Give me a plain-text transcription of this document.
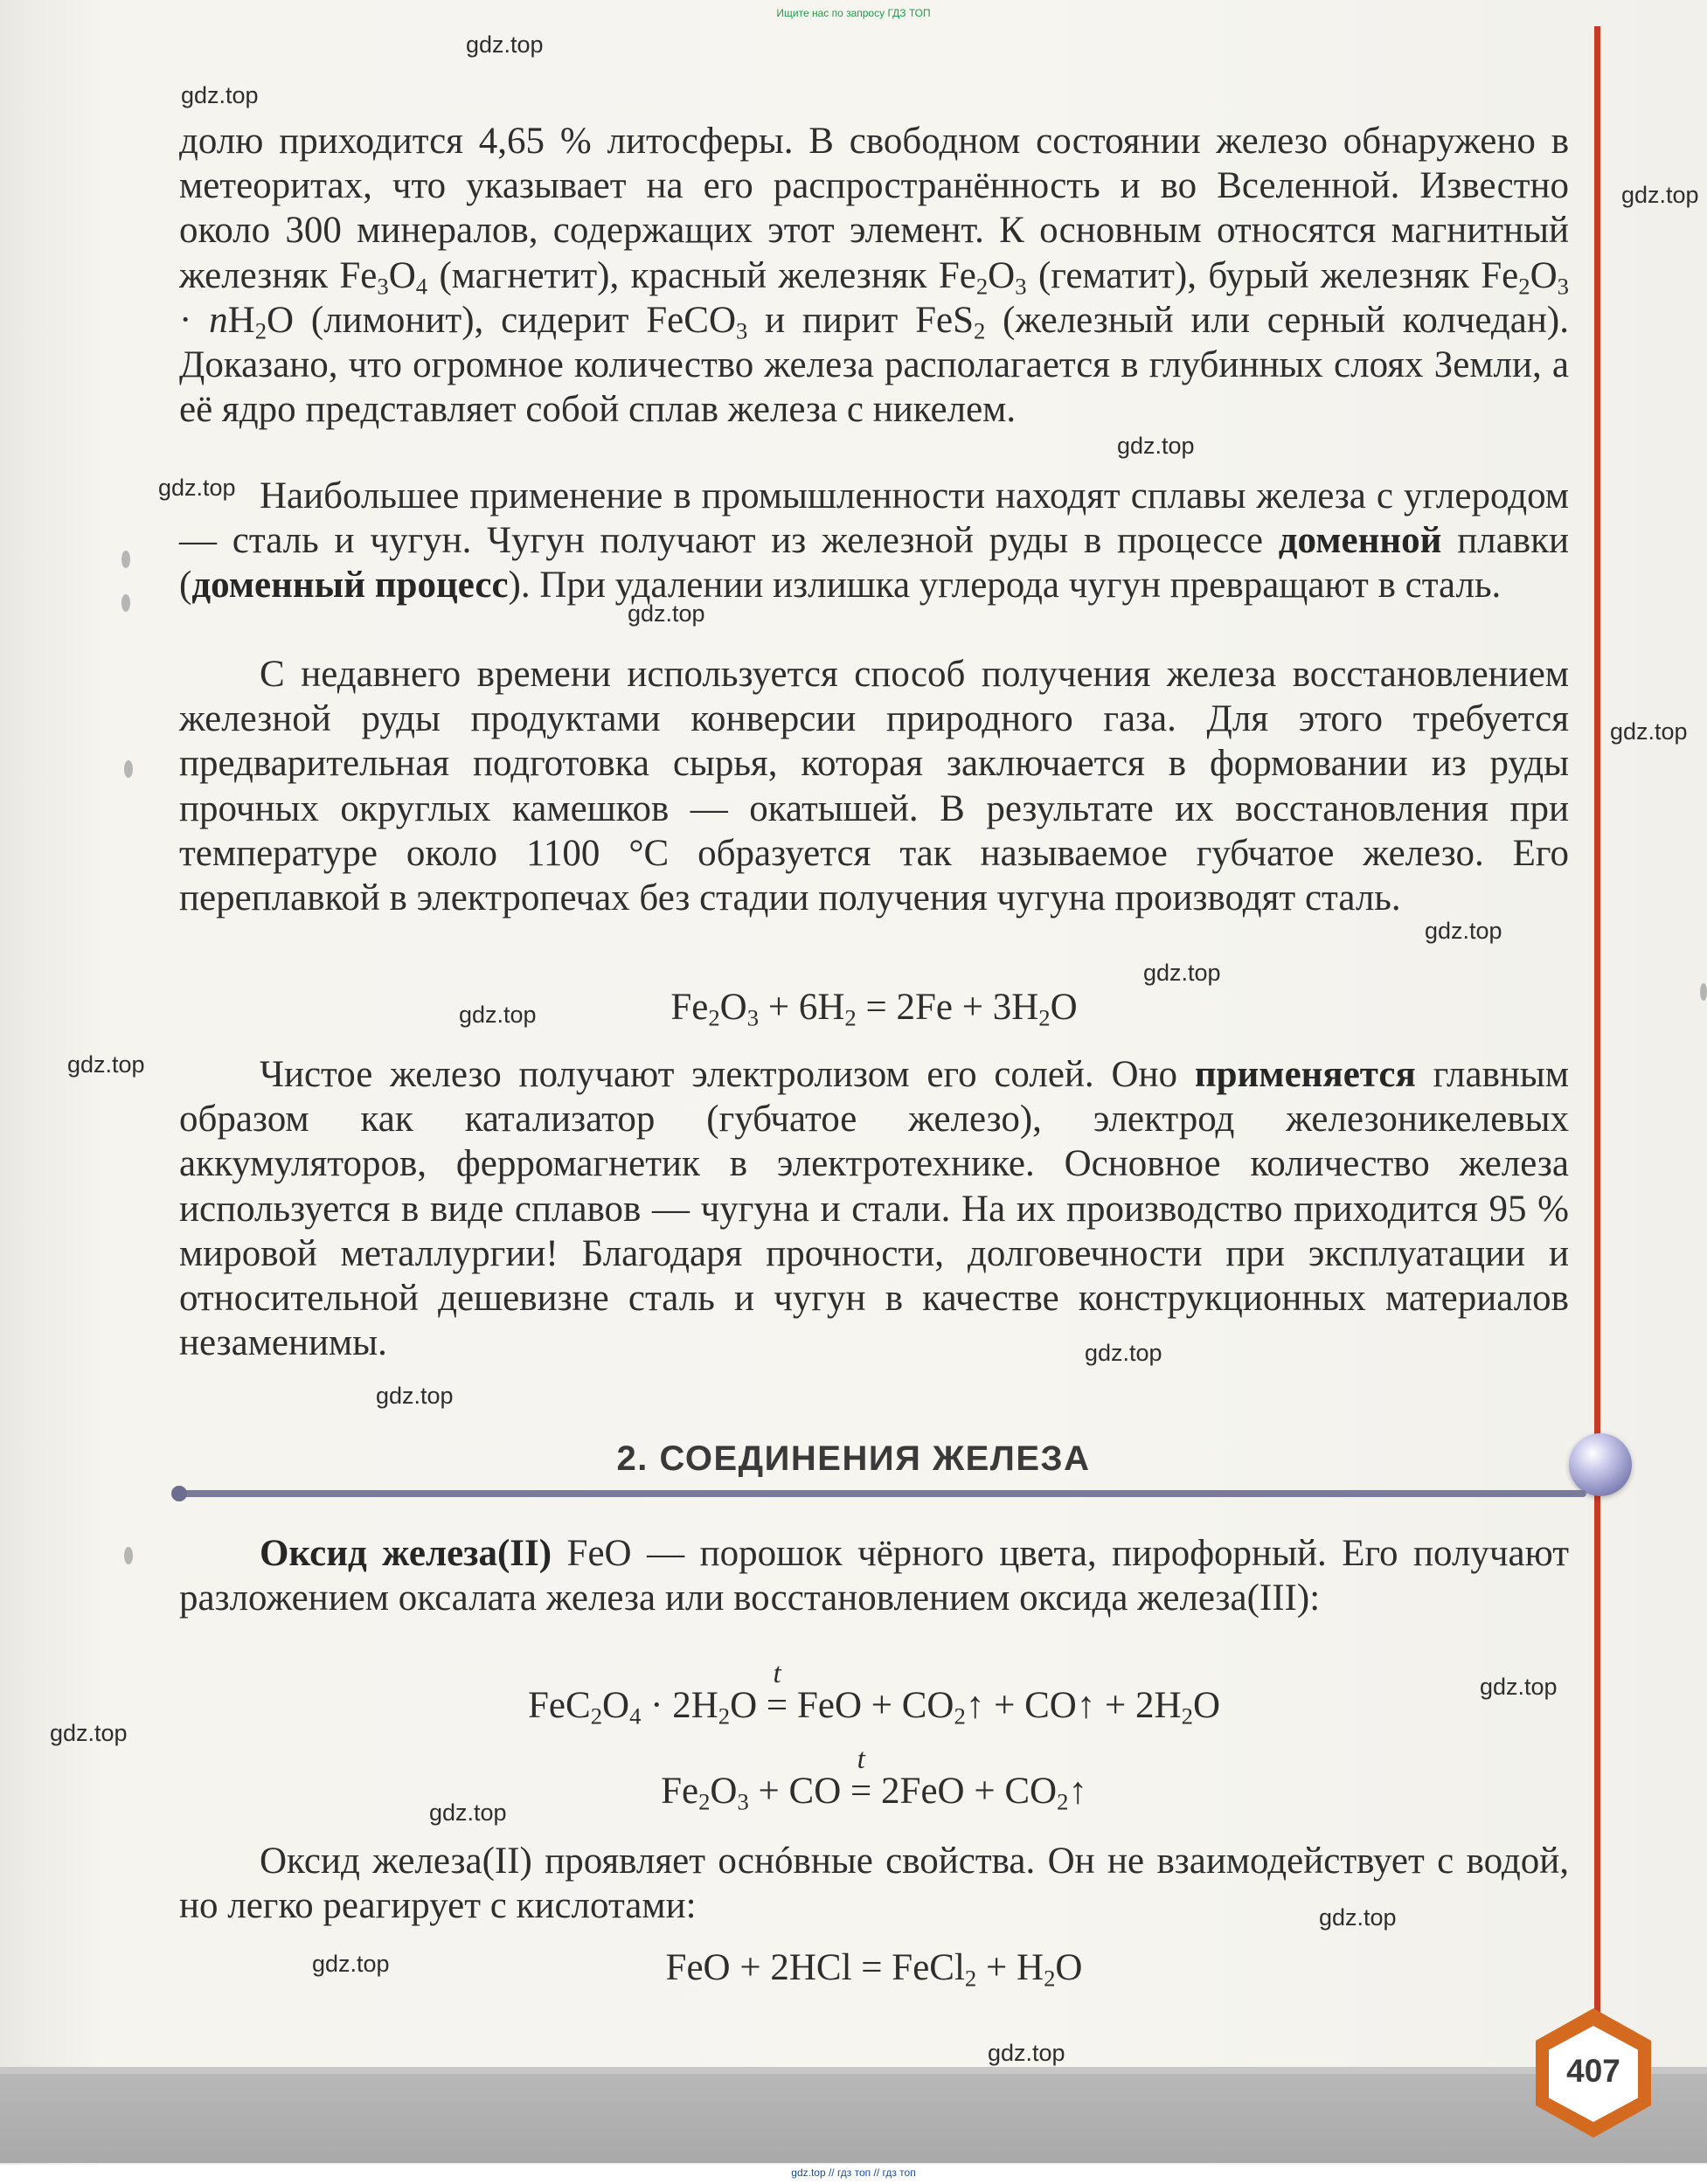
Ищите нас по запросу ГДЗ ТОП

долю приходится 4,65 % литосферы. В свободном состоянии железо обнаружено в метеоритах, что указывает на его распространённость и во Вселенной. Известно около 300 минералов, содержащих этот элемент. К основным относятся магнитный железняк $Fe_3O_4$ (магнетит), красный железняк $Fe_2O_3$ (гематит), бурый железняк $Fe_2O_3 \cdot nH_2O$ (лимонит), сидерит FeCO$_3$ и пирит FeS$_2$ (железный или серный колчедан). Доказано, что огромное количество железа располагается в глубинных слоях Земли, а её ядро представляет собой сплав железа с никелем.

Наибольшее применение в промышленности находят сплавы железа с углеродом — сталь и чугун. Чугун получают из железной руды в процессе доменной плавки (доменный процесс). При удалении излишка углерода чугун превращают в сталь.

С недавнего времени используется способ получения железа восстановлением железной руды продуктами конверсии природного газа. Для этого требуется предварительная подготовка сырья, которая заключается в формовании из руды прочных округлых камешков — окатышей. В результате их восстановления при температуре около 1100 °С образуется так называемое губчатое железо. Его переплавкой в электропечах без стадии получения чугуна производят сталь.

$Fe_2O_3 + 6H_2 = 2Fe + 3H_2O$

Чистое железо получают электролизом его солей. Оно применяется главным образом как катализатор (губчатое железо), электрод железоникелевых аккумуляторов, ферромагнетик в электротехнике. Основное количество железа используется в виде сплавов — чугуна и стали. На их производство приходится 95 % мировой металлургии! Благодаря прочности, долговечности при эксплуатации и относительной дешевизне сталь и чугун в качестве конструкционных материалов незаменимы.

2. СОЕДИНЕНИЯ ЖЕЛЕЗА

Оксид железа(II) FeO — порошок чёрного цвета, пирофорный. Его получают разложением оксалата железа или восстановлением оксида железа(III):

$FeC_2O_4 \cdot 2H_2O$ =
t
FeO + $CO_2↑$ + CO↑ + $2H_2O$
$Fe_2O_3$ + CO =
t
$2FeO + CO_2↑$

Оксид железа(II) проявляет оснóвные свойства. Он не взаимодействует с водой, но легко реагирует с кислотами:

FeO + 2HCl = FeCl$_2$ + $H_2O$
407
gdz.top // гдз топ // гдз топ
gdz.top
gdz.top
gdz.top
gdz.top
gdz.top
gdz.top
gdz.top
gdz.top
gdz.top
gdz.top
gdz.top
gdz.top
gdz.top
gdz.top
gdz.top
gdz.top
gdz.top
gdz.top
gdz.top
